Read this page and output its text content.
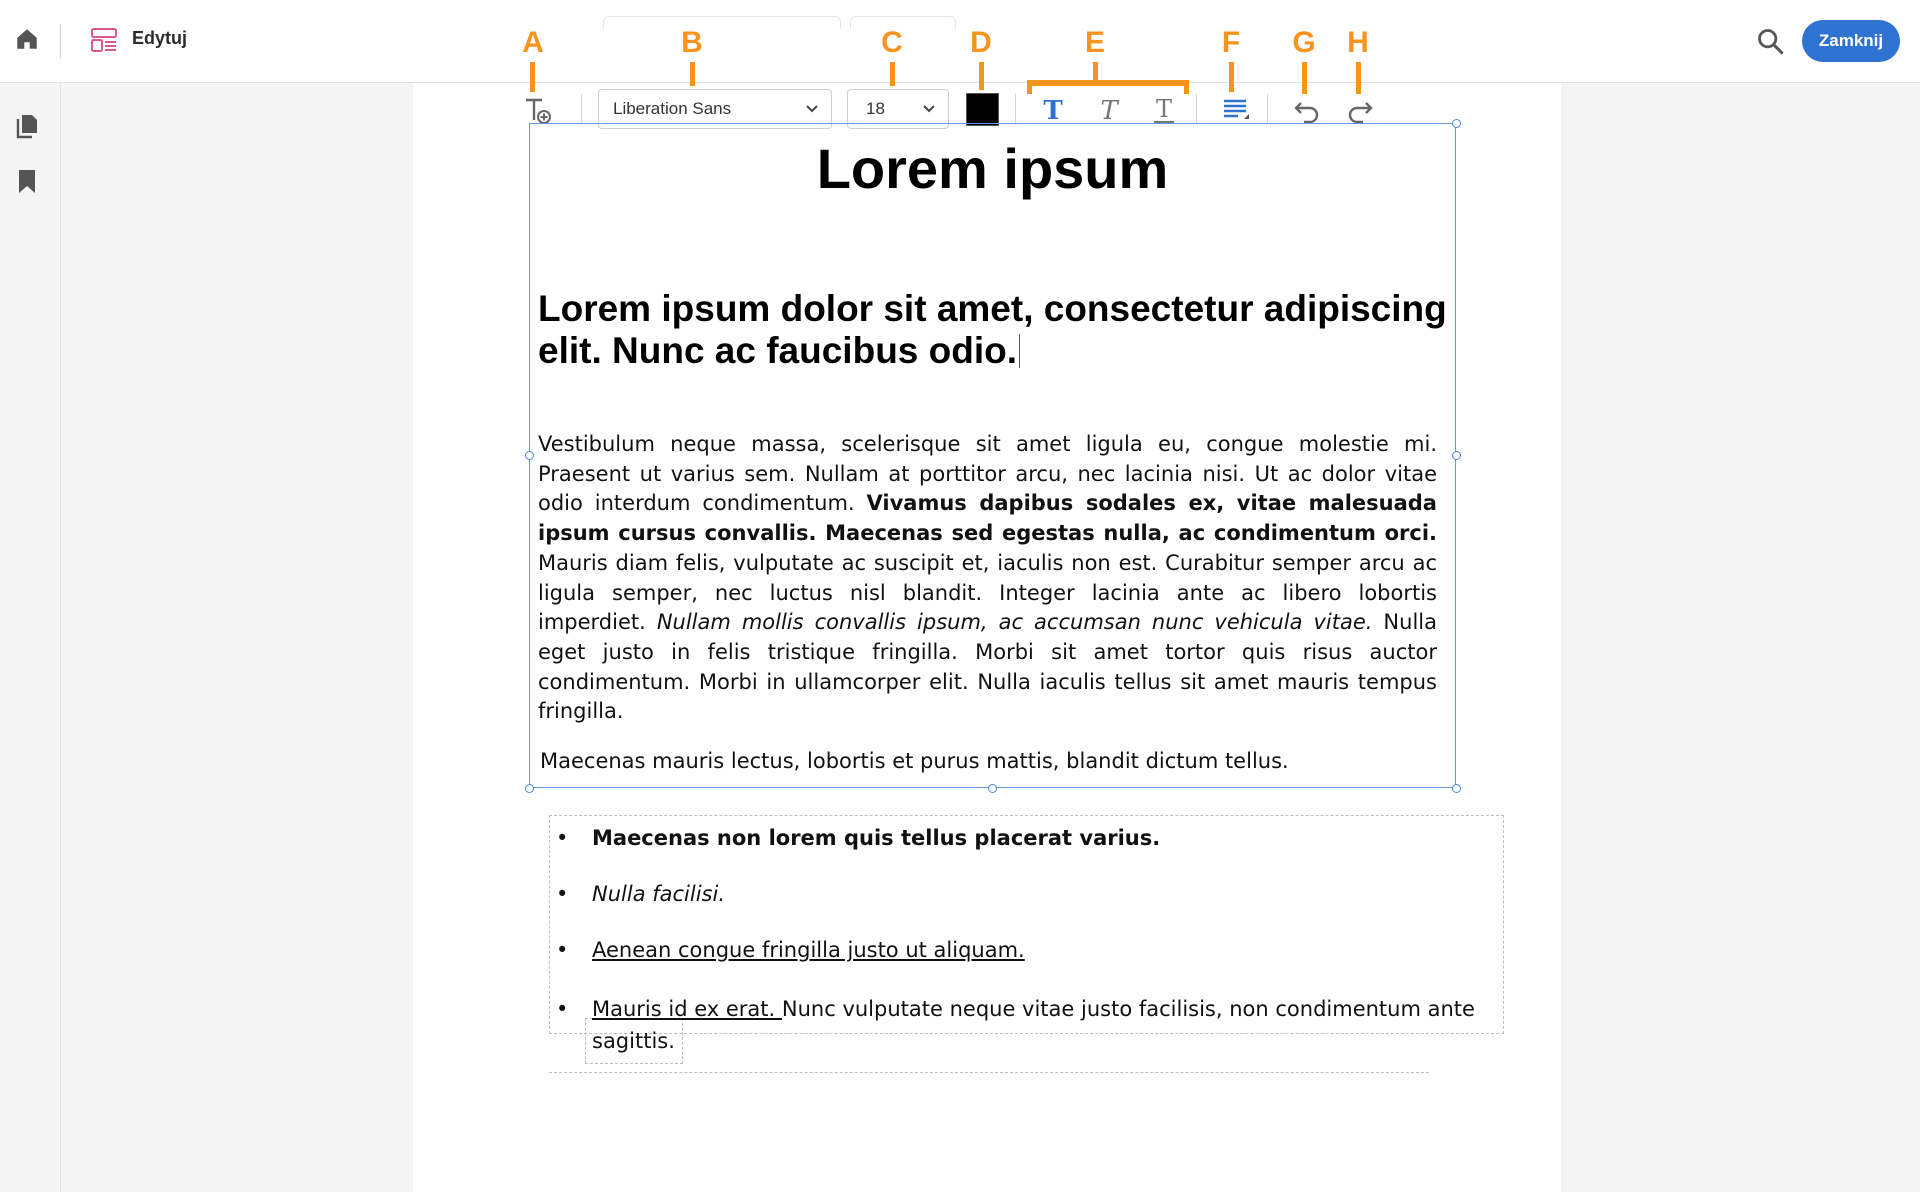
Edytuj	Zamknij
Liberation Sans	18	T T T
A	B	C D	E	F G H
Lorem ipsum
Lorem ipsum dolor sit amet, consectetur adipiscing elit. Nunc ac faucibus odio.
Vestibulum neque massa, scelerisque sit amet ligula eu, congue molestie mi. Praesent ut varius sem. Nullam at porttitor arcu, nec lacinia nisi. Ut ac dolor vitae odio interdum condimentum. Vivamus dapibus sodales ex, vitae malesuada ipsum cursus convallis. Maecenas sed egestas nulla, ac condimentum orci. Mauris diam felis, vulputate ac suscipit et, iaculis non est. Curabitur semper arcu ac ligula semper, nec luctus nisl blandit. Integer lacinia ante ac libero lobortis imperdiet. Nullam mollis convallis ipsum, ac accumsan nunc vehicula vitae. Nulla eget justo in felis tristique fringilla. Morbi sit amet tortor quis risus auctor condimentum. Morbi in ullamcorper elit. Nulla iaculis tellus sit amet mauris tempus fringilla.
Maecenas mauris lectus, lobortis et purus mattis, blandit dictum tellus.
• Maecenas non lorem quis tellus placerat varius.
• Nulla facilisi.
• Aenean congue fringilla justo ut aliquam.
• Mauris id ex erat. Nunc vulputate neque vitae justo facilisis, non condimentum ante
sagittis.
